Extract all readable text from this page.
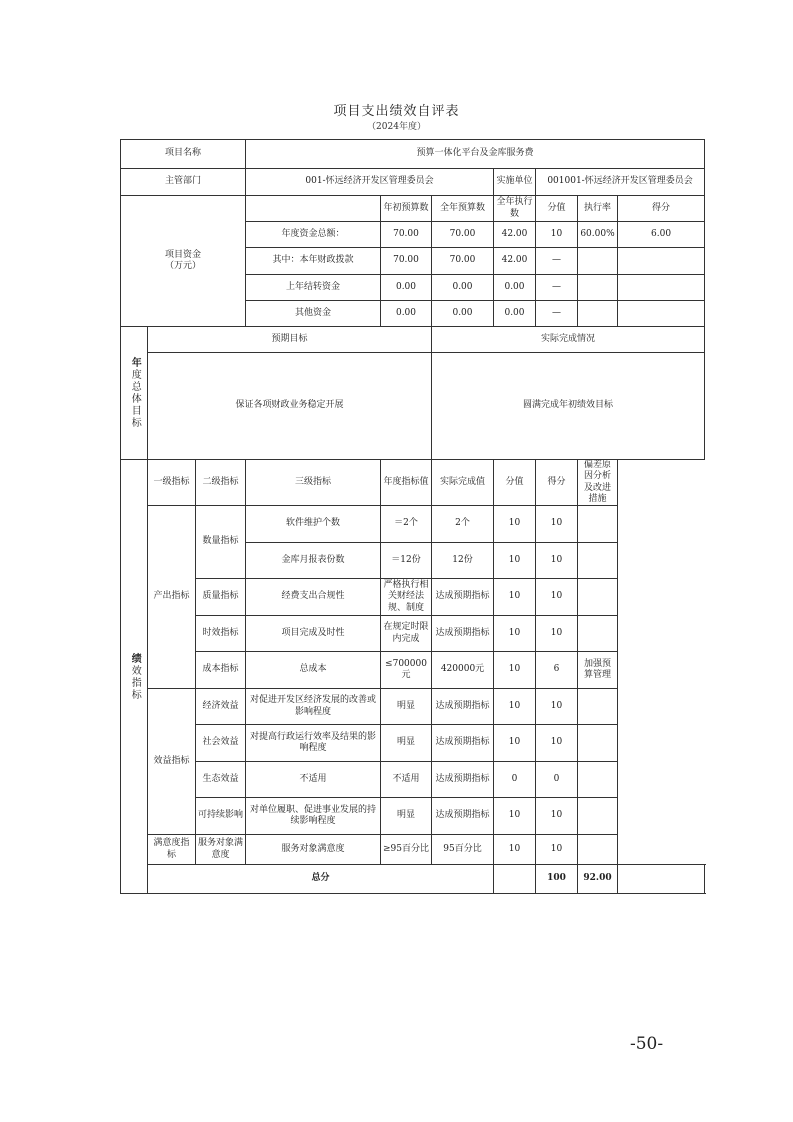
项目支出绩效自评表
（2024年度）
项目名称			预算一体化平台及金库服务费						
主管部门			001-怀远经济开发区管理委员会			实施单位	001001-怀远经济开发区管理委员会		
项目资金
（万元）				年初预算数	全年预算数	全年执行数	分值	执行率	得分
			年度资金总额：	70.00	70.00	42.00	10	60.00%	6.00
			其中：本年财政拨款	70.00	70.00	42.00	—		
			上年结转资金	0.00	0.00	0.00	—		
			其他资金	0.00	0.00	0.00	—		
年度总体目标	预期目标				实际完成情况				
	保证各项财政业务稳定开展				圆满完成年初绩效目标				
绩效指标	一级指标	二级指标	三级指标	年度指标值	实际完成值	分值	得分	偏差原因分析及改进措施	
	产出指标	数量指标	软件维护个数	＝2个	2个	10	10		
			金库月报表份数	＝12份	12份	10	10		
		质量指标	经费支出合规性	严格执行相关财经法规、制度	达成预期指标	10	10		
		时效指标	项目完成及时性	在规定时限内完成	达成预期指标	10	10		
		成本指标	总成本	≤700000元	420000元	10	6	加强预算管理	
	效益指标	经济效益	对促进开发区经济发展的改善或影响程度	明显	达成预期指标	10	10		
		社会效益	对提高行政运行效率及结果的影响程度	明显	达成预期指标	10	10		
		生态效益	不适用	不适用	达成预期指标	0	0		
		可持续影响	对单位履职、促进事业发展的持续影响程度	明显	达成预期指标	10	10		
	满意度指标	服务对象满意度	服务对象满意度	≥95百分比	95百分比	10	10		
	总分						100	92.00	
-50-
